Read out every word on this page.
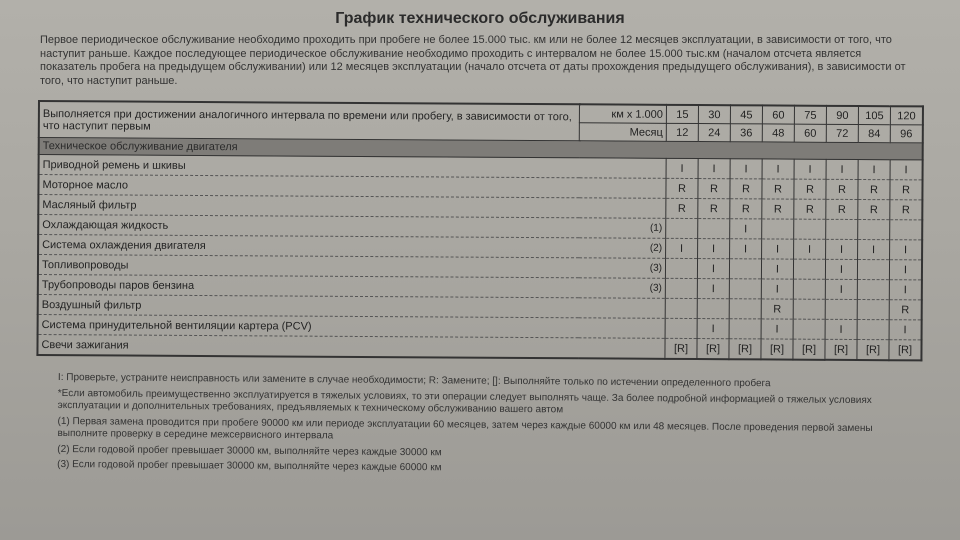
График технического обслуживания
Первое периодическое обслуживание необходимо проходить при пробеге не более 15.000 тыс. км или не более 12 месяцев эксплуатации, в зависимости от того, что наступит раньше. Каждое последующее периодическое обслуживание необходимо проходить с интервалом не более 15.000 тыс.км (началом отсчета является показатель пробега на предыдущем обслуживании) или 12 месяцев эксплуатации (начало отсчета от даты прохождения предыдущего обслуживания), в зависимости от того, что наступит раньше.
Выполняется при достижении аналогичного интервала по времени или пробегу, в зависимости от того, что наступит первым	км х 1.000	15	30	45	60	75	90	105	120
	Месяц	12	24	36	48	60	72	84	96
Техническое обслуживание двигателя									
Приводной ремень и шкивы		I	I	I	I	I	I	I	I
Моторное масло		R	R	R	R	R	R	R	R
Масляный фильтр		R	R	R	R	R	R	R	R
Охлаждающая жидкость	(1)			I					
Система охлаждения двигателя	(2)	I	I	I	I	I	I	I	I
Топливопроводы	(3)		I		I		I		I
Трубопроводы паров бензина	(3)		I		I		I		I
Воздушный фильтр					R				R
Система принудительной вентиляции картера (PCV)			I		I		I		I
Свечи зажигания		[R]	[R]	[R]	[R]	[R]	[R]	[R]	[R]

I: Проверьте, устраните неисправность или замените в случае необходимости; R: Замените; []: Выполняйте только по истечении определенного пробега

*Если автомобиль преимущественно эксплуатируется в тяжелых условиях, то эти операции следует выполнять чаще. За более подробной информацией о тяжелых условиях эксплуатации и дополнительных требованиях, предъявляемых к техническому обслуживанию вашего автом

(1) Первая замена проводится при пробеге 90000 км или периоде эксплуатации 60 месяцев, затем через каждые 60000 км или 48 месяцев. После проведения первой замены выполните проверку в середине межсервисного интервала

(2) Если годовой пробег превышает 30000 км, выполняйте через каждые 30000 км

(3) Если годовой пробег превышает 30000 км, выполняйте через каждые 60000 км
